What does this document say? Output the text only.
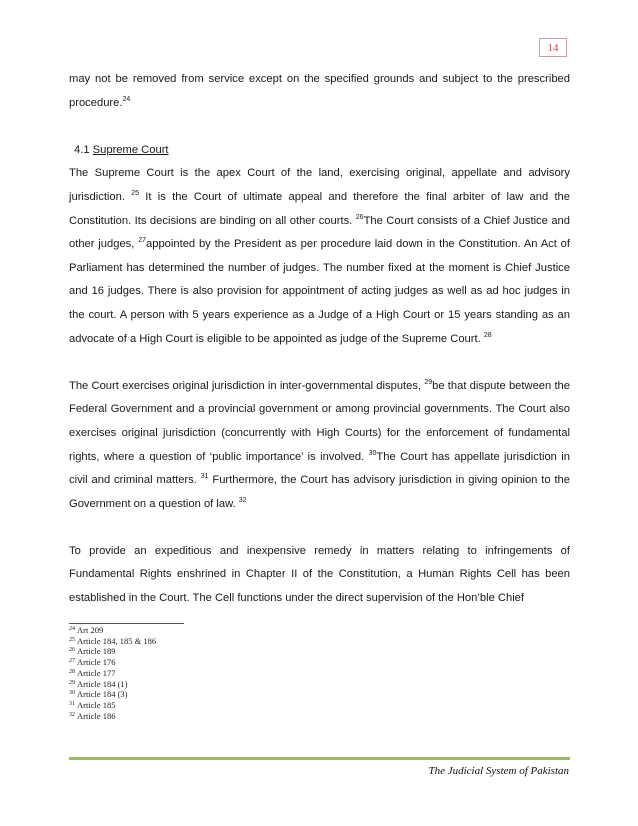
14

may not be removed from service except on the specified grounds and subject to the prescribed procedure.$^{24}$

4.1 Supreme Court

The Supreme Court is the apex Court of the land, exercising original, appellate and advisory jurisdiction. $^{25}$ It is the Court of ultimate appeal and therefore the final arbiter of law and the Constitution. Its decisions are binding on all other courts. $^{26}$The Court consists of a Chief Justice and other judges, $^{27}$appointed by the President as per procedure laid down in the Constitution. An Act of Parliament has determined the number of judges. The number fixed at the moment is Chief Justice and 16 judges. There is also provision for appointment of acting judges as well as ad hoc judges in the court. A person with 5 years experience as a Judge of a High Court or 15 years standing as an advocate of a High Court is eligible to be appointed as judge of the Supreme Court. $^{28}$

The Court exercises original jurisdiction in inter-governmental disputes, $^{29}$be that dispute between the Federal Government and a provincial government or among provincial governments. The Court also exercises original jurisdiction (concurrently with High Courts) for the enforcement of fundamental rights, where a question of ‘public importance’ is involved. $^{30}$The Court has appellate jurisdiction in civil and criminal matters. $^{31}$ Furthermore, the Court has advisory jurisdiction in giving opinion to the Government on a question of law. $^{32}$

To provide an expeditious and inexpensive remedy in matters relating to infringements of Fundamental Rights enshrined in Chapter II of the Constitution, a Human Rights Cell has been established in the Court. The Cell functions under the direct supervision of the Hon’ble Chief

$^{24}$ Art 209
$^{25}$ Article 184, 185 & 186
$^{26}$ Article 189
$^{27}$ Article 176
$^{28}$ Article 177
$^{29}$ Article 184 (1)
$^{30}$ Article 184 (3)
$^{31}$ Article 185
$^{32}$ Article 186
The Judicial System of Pakistan
